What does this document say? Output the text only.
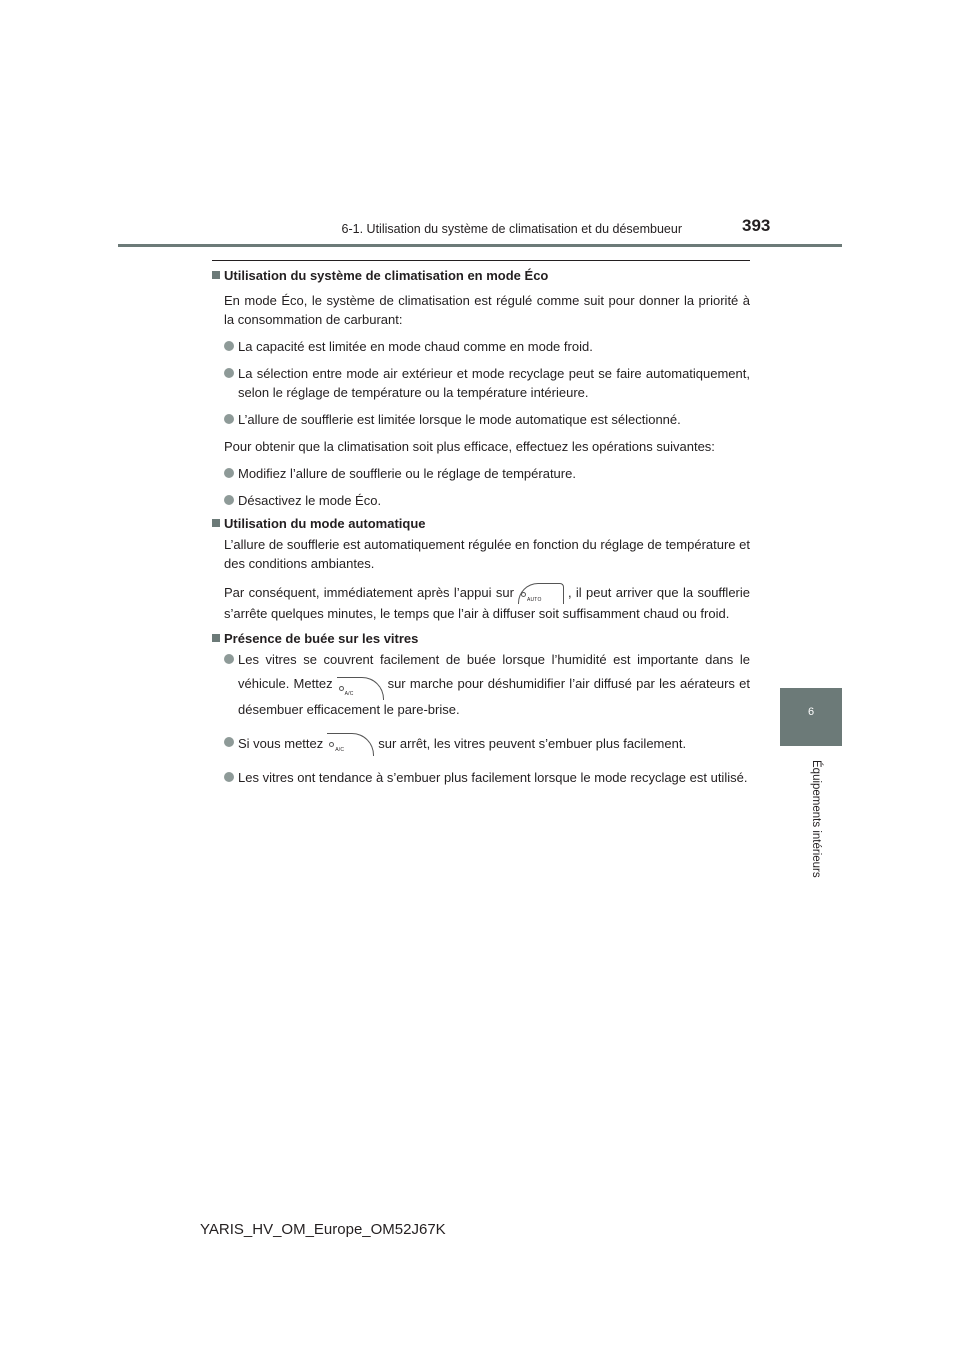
6-1. Utilisation du système de climatisation et du désembueur	393
6
Équipements intérieurs
Utilisation du système de climatisation en mode Éco

En mode Éco, le système de climatisation est régulé comme suit pour donner la priorité à la consommation de carburant:

La capacité est limitée en mode chaud comme en mode froid.
La sélection entre mode air extérieur et mode recyclage peut se faire automatiquement, selon le réglage de température ou la température intérieure.
L’allure de soufflerie est limitée lorsque le mode automatique est sélectionné.

Pour obtenir que la climatisation soit plus efficace, effectuez les opérations suivantes:

Modifiez l’allure de soufflerie ou le réglage de température.
Désactivez le mode Éco.
Utilisation du mode automatique

L’allure de soufflerie est automatiquement régulée en fonction du réglage de température et des conditions ambiantes.

Par conséquent, immédiatement après l’appui sur
AUTO
, il peut arriver que la soufflerie s’arrête quelques minutes, le temps que l’air à diffuser soit suffisamment chaud ou froid.

Présence de buée sur les vitres
Les vitres se couvrent facilement de buée lorsque l’humidité est importante dans le véhicule. Mettez
A/C
sur marche pour déshumidifier l’air diffusé par les aérateurs et désembuer efficacement le pare-brise.
Si vous mettez A/C	sur arrêt, les vitres peuvent s’embuer plus facilement.
Les vitres ont tendance à s’embuer plus facilement lorsque le mode recyclage est utilisé.
YARIS_HV_OM_Europe_OM52J67K
